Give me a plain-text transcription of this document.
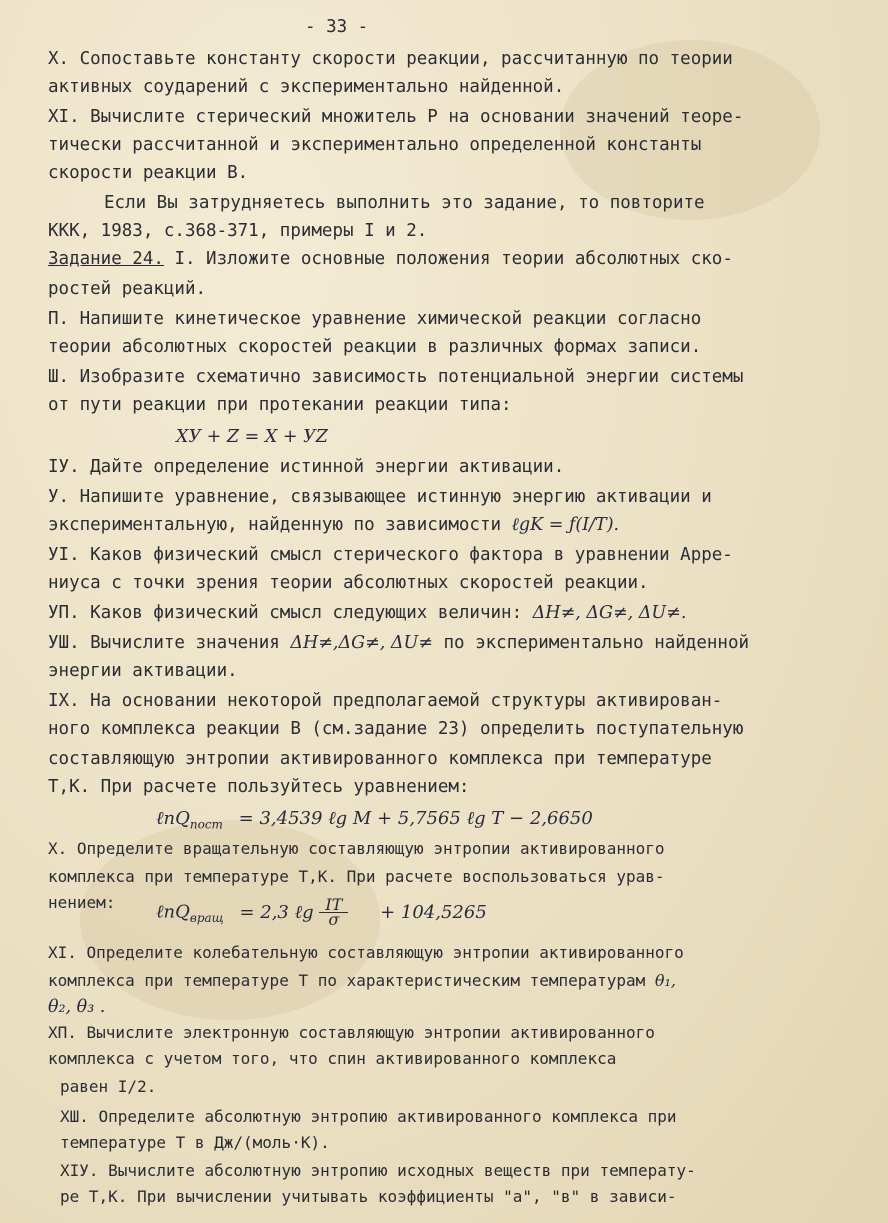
- 33 -
X. Сопоставьте константу скорости реакции, рассчитанную по теории
активных соударений с экспериментально найденной.
XI. Вычислите стерический множитель P на основании значений теоре-
тически рассчитанной и экспериментально определенной константы
скорости реакции В.
Если Вы затрудняетесь выполнить это задание, то повторите
ККК, 1983, с.368-371, примеры I и 2.
Задание 24. I. Изложите основные положения теории абсолютных ско-
ростей реакций.
П. Напишите кинетическое уравнение химической реакции согласно
теории абсолютных скоростей реакции в различных формах записи.
Ш. Изобразите схематично зависимость потенциальной энергии системы
от пути реакции при протекании реакции типа:
XУ + Z = X + УZ
IУ. Дайте определение истинной энергии активации.
У. Напишите уравнение, связывающее истинную энергию активации и
экспериментальную, найденную по зависимости ℓgK = ƒ(I/T).
УI. Каков физический смысл стерического фактора в уравнении Арре-
ниуса с точки зрения теории абсолютных скоростей реакции.
УП. Каков физический смысл следующих величин: ΔH≠, ΔG≠, ΔU≠.
УШ. Вычислите значения ΔH≠,ΔG≠, ΔU≠ по экспериментально найденной
энергии активации.
IX. На основании некоторой предполагаемой структуры активирован-
ного комплекса реакции В (см.задание 23) определить поступательную
составляющую энтропии активированного комплекса при температуре
Т,К. При расчете пользуйтесь уравнением:
ℓnQ$_{пост}$ = 3,4539 ℓg M + 5,7565 ℓg T − 2,6650
X. Определите вращательную составляющую энтропии активированного
комплекса при температуре Т,К. При расчете воспользоваться урав-
нением: ℓnQ$_{вращ}$ = 2,3 ℓg $\frac{IT}{\sigma} + 104,5265$
XI. Определите колебательную составляющую энтропии активированного
комплекса при температуре Т по характеристическим температурам θ₁,
θ₂, θ₃ .
XП. Вычислите электронную составляющую энтропии активированного
комплекса с учетом того, что спин активированного комплекса
равен I/2.
XШ. Определите абсолютную энтропию активированного комплекса при
температуре Т в Дж/(моль·К).
XIУ. Вычислите абсолютную энтропию исходных веществ при температу-
ре Т,К. При вычислении учитывать коэффициенты "а", "в" в зависи-
